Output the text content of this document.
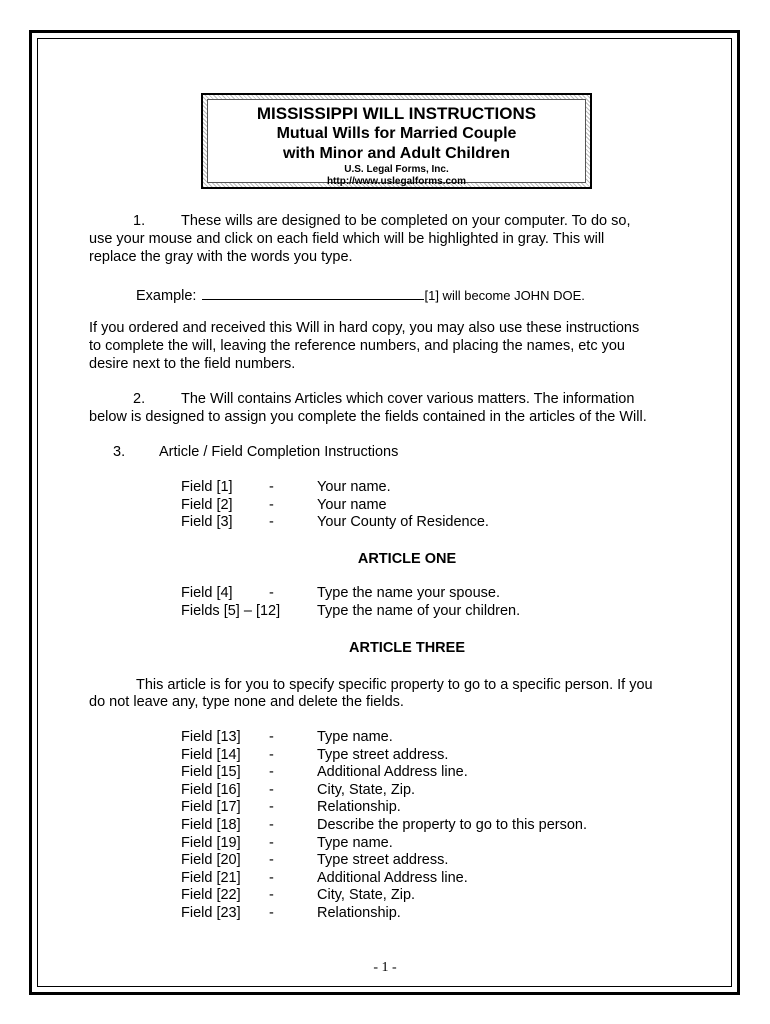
MISSISSIPPI WILL INSTRUCTIONS
Mutual Wills for Married Couple
with Minor and Adult Children
U.S. Legal Forms, Inc.
http://www.uslegalforms.com
1. These wills are designed to be completed on your computer. To do so,
use your mouse and click on each field which will be highlighted in gray. This will
replace the gray with the words you type.
Example:	[1] will become JOHN DOE.
If you ordered and received this Will in hard copy, you may also use these instructions
to complete the will, leaving the reference numbers, and placing the names, etc you
desire next to the field numbers.
2. The Will contains Articles which cover various matters. The information
below is designed to assign you complete the fields contained in the articles of the Will.
3. Article / Field Completion Instructions
Field [1]	-	Your name.
Field [2]	-	Your name
Field [3]	-	Your County of Residence.
ARTICLE ONE
Field [4]	-	Type the name your spouse.
Fields [5] – [12]	Type the name of your children.
ARTICLE THREE
This article is for you to specify specific property to go to a specific person. If you
do not leave any, type none and delete the fields.
Field [13] -	Type name.
Field [14] -	Type street address.
Field [15] -	Additional Address line.
Field [16] -	City, State, Zip.
Field [17] -	Relationship.
Field [18] -	Describe the property to go to this person.
Field [19] -	Type name.
Field [20] -	Type street address.
Field [21] -	Additional Address line.
Field [22] -	City, State, Zip.
Field [23] -	Relationship.
- 1 -
